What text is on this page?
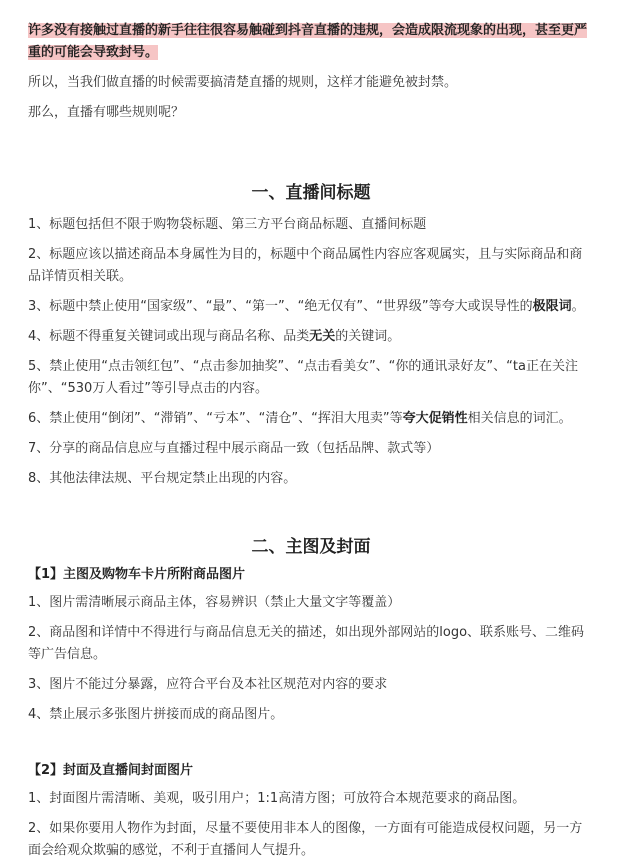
许多没有接触过直播的新手往往很容易触碰到抖音直播的违规，会造成限流现象的出现，甚至更严重的可能会导致封号。

所以，当我们做直播的时候需要搞清楚直播的规则，这样才能避免被封禁。

那么，直播有哪些规则呢？

一、直播间标题

1、标题包括但不限于购物袋标题、第三方平台商品标题、直播间标题

2、标题应该以描述商品本身属性为目的，标题中个商品属性内容应客观属实，且与实际商品和商品详情页相关联。

3、标题中禁止使用“国家级”、“最”、“第一”、“绝无仅有”、“世界级”等夸大或误导性的极限词。

4、标题不得重复关键词或出现与商品名称、品类无关的关键词。

5、禁止使用“点击领红包”、“点击参加抽奖”、“点击看美女”、“你的通讯录好友”、“ta正在关注你”、“530万人看过”等引导点击的内容。

6、禁止使用“倒闭”、“滞销”、“亏本”、“清仓”、“挥泪大甩卖”等夸大促销性相关信息的词汇。

7、分享的商品信息应与直播过程中展示商品一致（包括品牌、款式等）

8、其他法律法规、平台规定禁止出现的内容。

二、主图及封面
【1】主图及购物车卡片所附商品图片

1、图片需清晰展示商品主体，容易辨识（禁止大量文字等覆盖）

2、商品图和详情中不得进行与商品信息无关的描述，如出现外部网站的logo、联系账号、二维码等广告信息。

3、图片不能过分暴露，应符合平台及本社区规范对内容的要求

4、禁止展示多张图片拼接而成的商品图片。

【2】封面及直播间封面图片

1、封面图片需清晰、美观，吸引用户；1:1高清方图；可放符合本规范要求的商品图。

2、如果你要用人物作为封面，尽量不要使用非本人的图像，一方面有可能造成侵权问题，另一方面会给观众欺骗的感觉，不利于直播间人气提升。
